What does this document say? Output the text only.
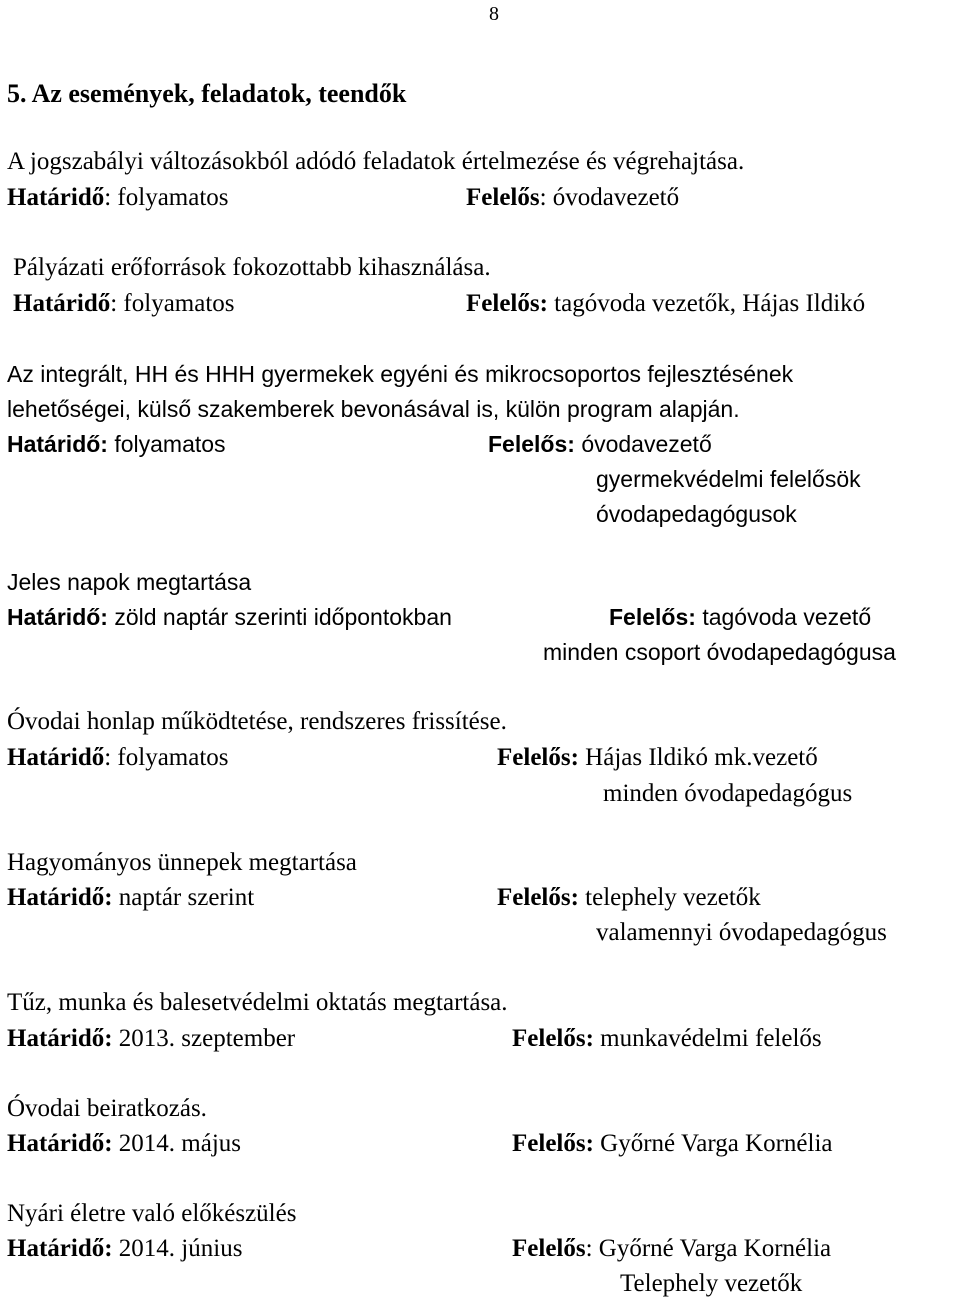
8
5. Az események, feladatok, teendők
A jogszabályi változásokból adódó feladatok értelmezése és végrehajtása.
Határidő: folyamatos	Felelős: óvodavezető
Pályázati erőforrások fokozottabb kihasználása.
Határidő: folyamatos	Felelős: tagóvoda vezetők, Hájas Ildikó
Az integrált, HH és HHH gyermekek egyéni és mikrocsoportos fejlesztésének
lehetőségei, külső szakemberek bevonásával is, külön program alapján.
Határidő: folyamatos	Felelős: óvodavezető
gyermekvédelmi felelősök
óvodapedagógusok
Jeles napok megtartása
Határidő: zöld naptár szerinti időpontokban	Felelős: tagóvoda vezető
minden csoport óvodapedagógusa
Óvodai honlap működtetése, rendszeres frissítése.
Határidő: folyamatos	Felelős: Hájas Ildikó mk.vezető
minden óvodapedagógus
Hagyományos ünnepek megtartása
Határidő: naptár szerint	Felelős: telephely vezetők
valamennyi óvodapedagógus
Tűz, munka és balesetvédelmi oktatás megtartása.
Határidő: 2013. szeptember	Felelős: munkavédelmi felelős
Óvodai beiratkozás.
Határidő: 2014. május	Felelős: Győrné Varga Kornélia
Nyári életre való előkészülés
Határidő: 2014. június	Felelős: Győrné Varga Kornélia
Telephely vezetők
